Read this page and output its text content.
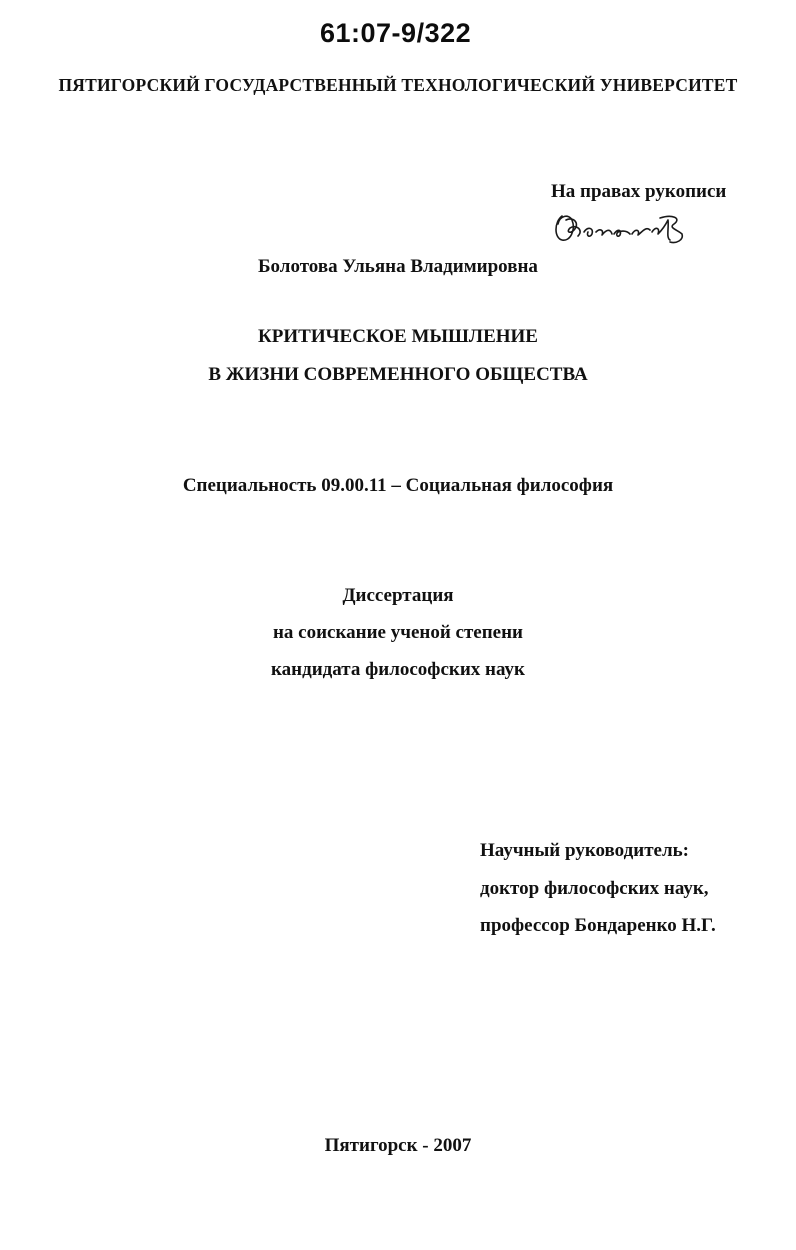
61:07-9/322
ПЯТИГОРСКИЙ ГОСУДАРСТВЕННЫЙ ТЕХНОЛОГИЧЕСКИЙ УНИВЕРСИТЕТ
На правах рукописи
Болотова Ульяна Владимировна
КРИТИЧЕСКОЕ МЫШЛЕНИЕ
В ЖИЗНИ СОВРЕМЕННОГО ОБЩЕСТВА
Специальность 09.00.11 – Социальная философия
Диссертация
на соискание ученой степени
кандидата философских наук
Научный руководитель:
доктор философских наук,
профессор Бондаренко Н.Г.
Пятигорск - 2007
